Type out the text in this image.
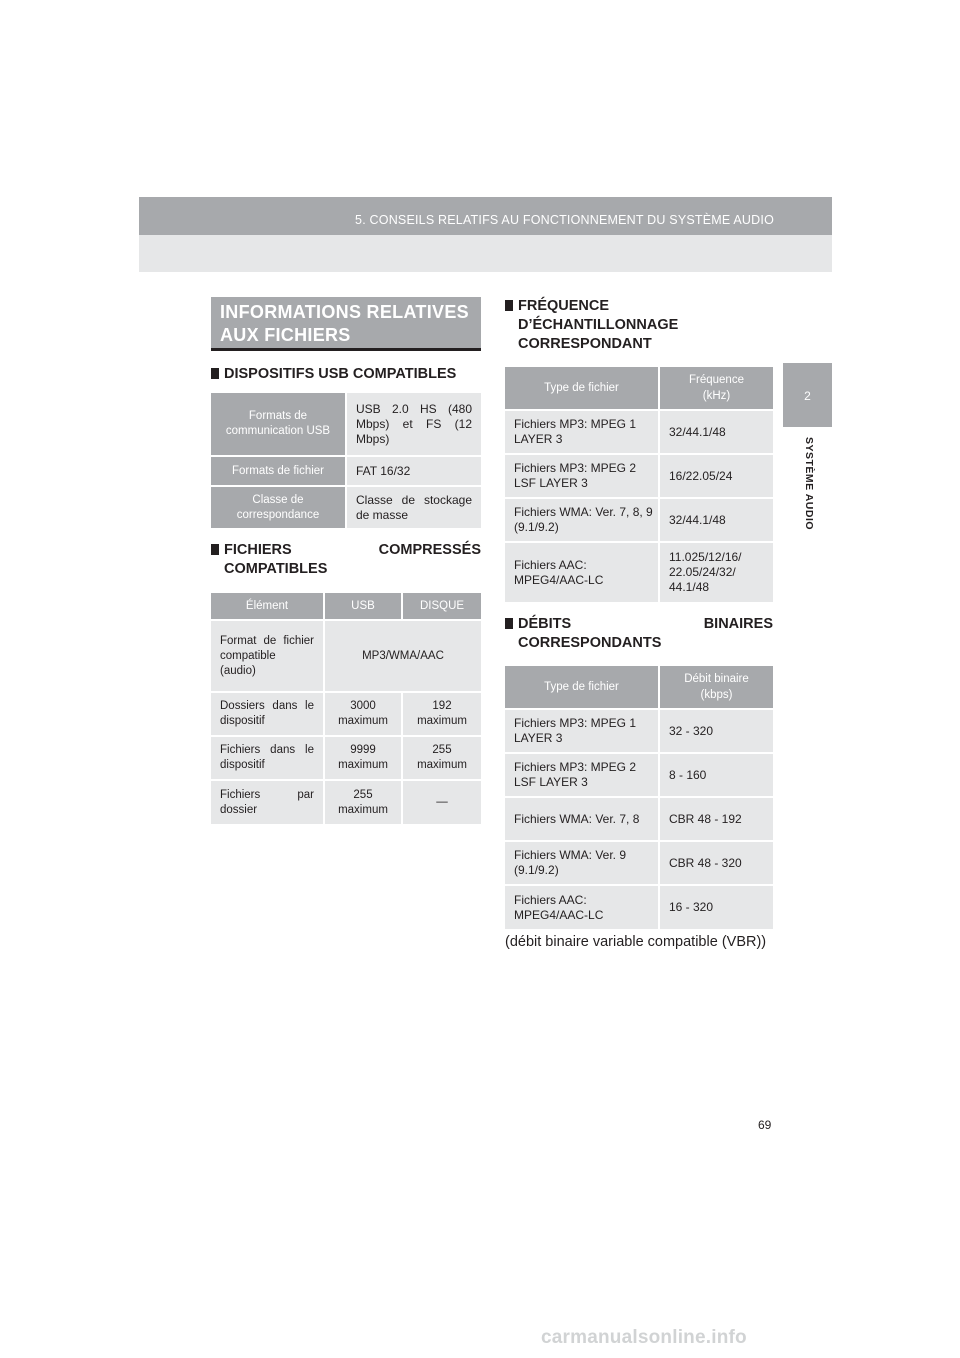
5. CONSEILS RELATIFS AU FONCTIONNEMENT DU SYSTÈME AUDIO
2
SYSTÈME AUDIO
INFORMATIONS RELATIVES AUX FICHIERS
DISPOSITIFS USB COMPATIBLES
Formats de communication USB	USB 2.0 HS (480 Mbps) et FS (12 Mbps)
Formats de fichier	FAT 16/32
Classe de correspondance	Classe de stockage de masse
FICHIERS	COMPRESSÉS
COMPATIBLES
Élément	USB	DISQUE
Format de fichier compatible (audio)	MP3/WMA/AAC	
Dossiers dans le dispositif	3000 maximum	192 maximum
Fichiers dans le dispositif	9999 maximum	255 maximum
Fichiers par dossier	255 maximum	—
FRÉQUENCE
D’ÉCHANTILLONNAGE
CORRESPONDANT
Type de fichier	Fréquence (kHz)
Fichiers MP3: MPEG 1 LAYER 3	32/44.1/48
Fichiers MP3: MPEG 2 LSF LAYER 3	16/22.05/24
Fichiers WMA: Ver. 7, 8, 9 (9.1/9.2)	32/44.1/48
Fichiers AAC: MPEG4/AAC-LC	11.025/12/16/ 22.05/24/32/ 44.1/48
DÉBITS	BINAIRES
CORRESPONDANTS
Type de fichier	Débit binaire (kbps)
Fichiers MP3: MPEG 1 LAYER 3	32 - 320
Fichiers MP3: MPEG 2 LSF LAYER 3	8 - 160
Fichiers WMA: Ver. 7, 8	CBR 48 - 192
Fichiers WMA: Ver. 9 (9.1/9.2)	CBR 48 - 320
Fichiers AAC: MPEG4/AAC-LC	16 - 320
(débit binaire variable compatible (VBR))
69
carmanualsonline.info
